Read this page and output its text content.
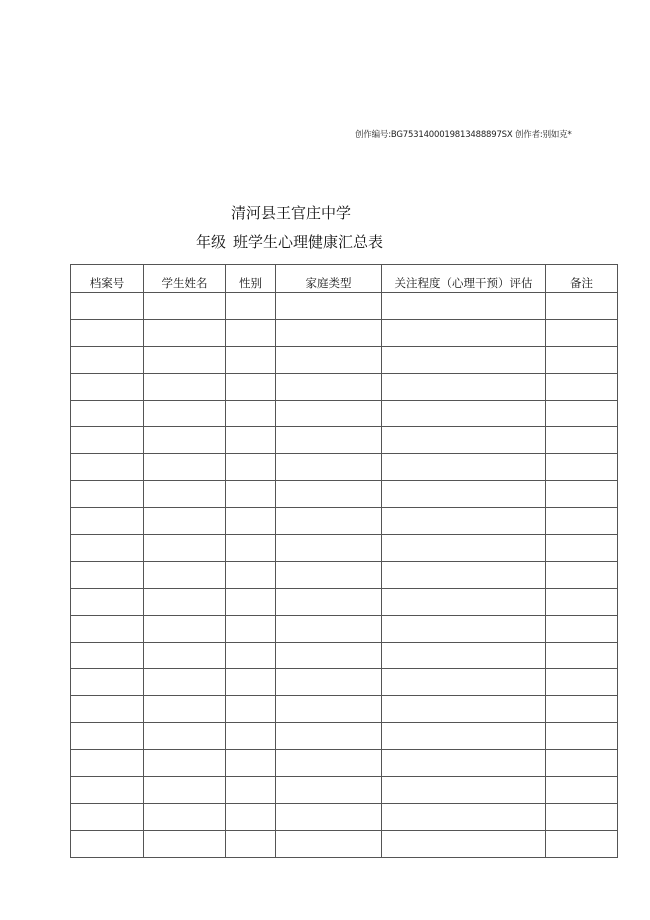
创作编号:BG7531400019813488897SX 创作者:别如克*
清河县王官庄中学
年级 班学生心理健康汇总表
档案号	学生姓名	性别	家庭类型	关注程度（心理干预）评估	备注
